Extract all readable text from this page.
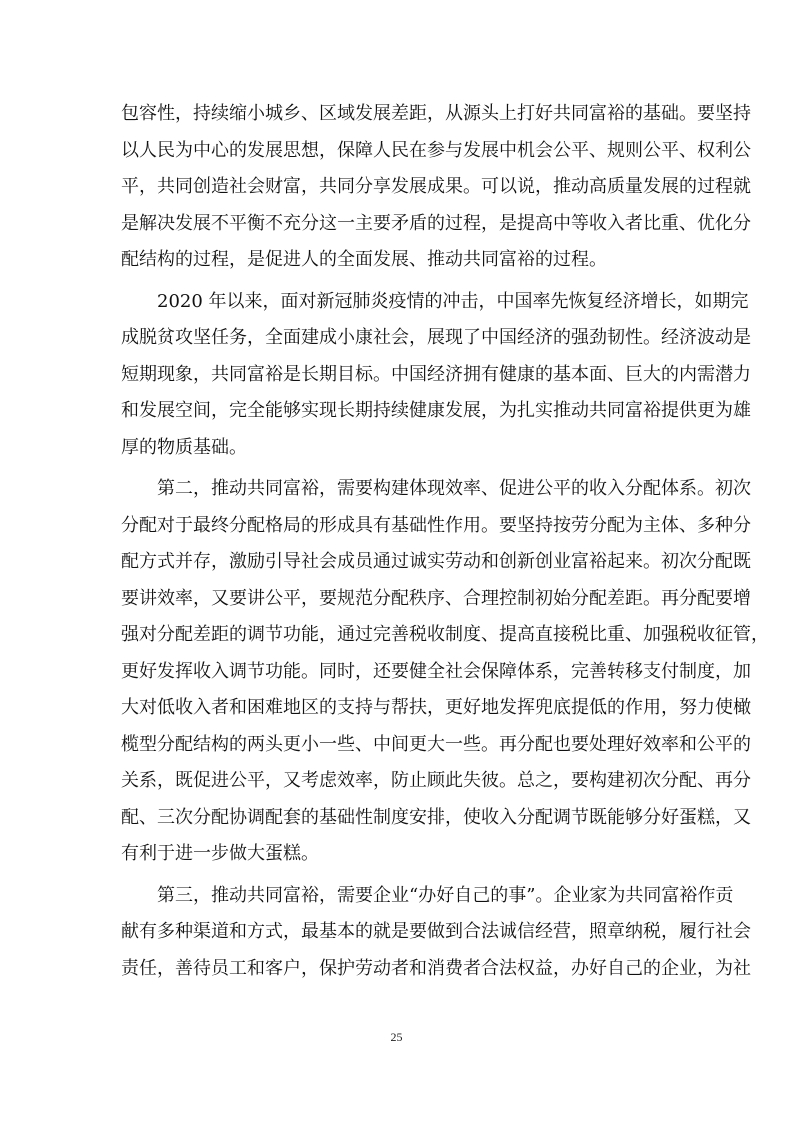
包容性，持续缩小城乡、区域发展差距，从源头上打好共同富裕的基础。要坚持
以人民为中心的发展思想，保障人民在参与发展中机会公平、规则公平、权利公
平，共同创造社会财富，共同分享发展成果。可以说，推动高质量发展的过程就
是解决发展不平衡不充分这一主要矛盾的过程，是提高中等收入者比重、优化分
配结构的过程，是促进人的全面发展、推动共同富裕的过程。
　　2020 年以来，面对新冠肺炎疫情的冲击，中国率先恢复经济增长，如期完
成脱贫攻坚任务，全面建成小康社会，展现了中国经济的强劲韧性。经济波动是
短期现象，共同富裕是长期目标。中国经济拥有健康的基本面、巨大的内需潜力
和发展空间，完全能够实现长期持续健康发展，为扎实推动共同富裕提供更为雄
厚的物质基础。
　　第二，推动共同富裕，需要构建体现效率、促进公平的收入分配体系。初次
分配对于最终分配格局的形成具有基础性作用。要坚持按劳分配为主体、多种分
配方式并存，激励引导社会成员通过诚实劳动和创新创业富裕起来。初次分配既
要讲效率，又要讲公平，要规范分配秩序、合理控制初始分配差距。再分配要增
强对分配差距的调节功能，通过完善税收制度、提高直接税比重、加强税收征管，
更好发挥收入调节功能。同时，还要健全社会保障体系，完善转移支付制度，加
大对低收入者和困难地区的支持与帮扶，更好地发挥兜底提低的作用，努力使橄
榄型分配结构的两头更小一些、中间更大一些。再分配也要处理好效率和公平的
关系，既促进公平，又考虑效率，防止顾此失彼。总之，要构建初次分配、再分
配、三次分配协调配套的基础性制度安排，使收入分配调节既能够分好蛋糕，又
有利于进一步做大蛋糕。
　　第三，推动共同富裕，需要企业“办好自己的事”。企业家为共同富裕作贡
献有多种渠道和方式，最基本的就是要做到合法诚信经营，照章纳税，履行社会
责任，善待员工和客户，保护劳动者和消费者合法权益，办好自己的企业，为社
25
